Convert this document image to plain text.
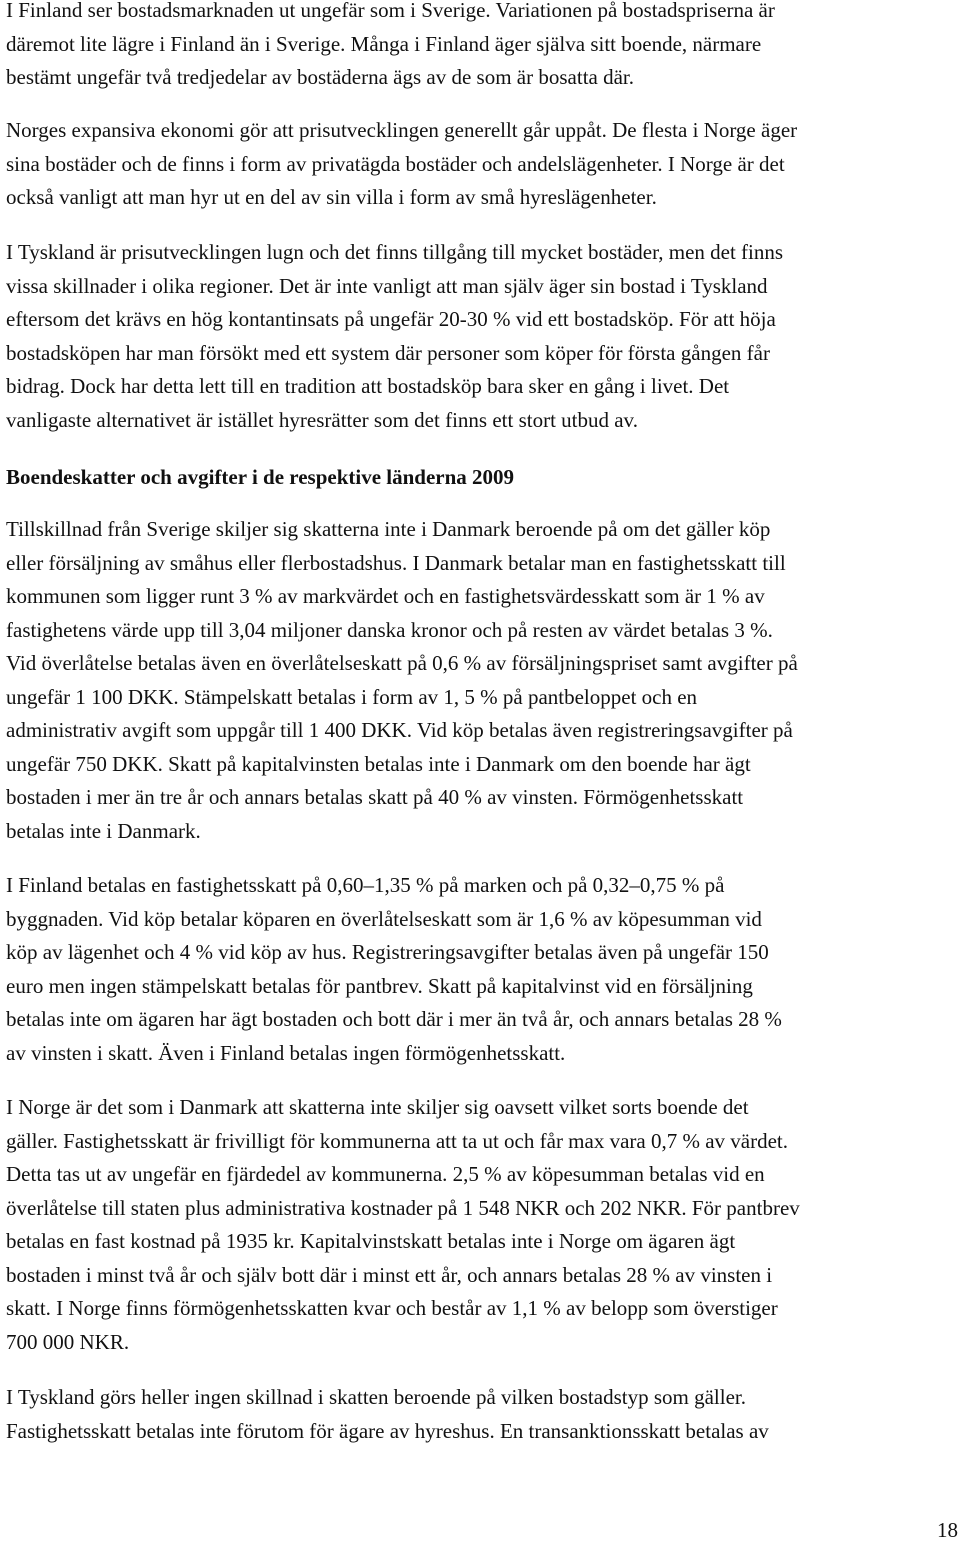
I Finland ser bostadsmarknaden ut ungefär som i Sverige. Variationen på bostadspriserna är
däremot lite lägre i Finland än i Sverige. Många i Finland äger själva sitt boende, närmare
bestämt ungefär två tredjedelar av bostäderna ägs av de som är bosatta där.

Norges expansiva ekonomi gör att prisutvecklingen generellt går uppåt. De flesta i Norge äger
sina bostäder och de finns i form av privatägda bostäder och andelslägenheter. I Norge är det
också vanligt att man hyr ut en del av sin villa i form av små hyreslägenheter.

I Tyskland är prisutvecklingen lugn och det finns tillgång till mycket bostäder, men det finns
vissa skillnader i olika regioner. Det är inte vanligt att man själv äger sin bostad i Tyskland
eftersom det krävs en hög kontantinsats på ungefär 20-30 % vid ett bostadsköp. För att höja
bostadsköpen har man försökt med ett system där personer som köper för första gången får
bidrag. Dock har detta lett till en tradition att bostadsköp bara sker en gång i livet. Det
vanligaste alternativet är istället hyresrätter som det finns ett stort utbud av.

Boendeskatter och avgifter i de respektive länderna 2009

Tillskillnad från Sverige skiljer sig skatterna inte i Danmark beroende på om det gäller köp
eller försäljning av småhus eller flerbostadshus. I Danmark betalar man en fastighetsskatt till
kommunen som ligger runt 3 % av markvärdet och en fastighetsvärdesskatt som är 1 % av
fastighetens värde upp till 3,04 miljoner danska kronor och på resten av värdet betalas 3 %.
Vid överlåtelse betalas även en överlåtelseskatt på 0,6 % av försäljningspriset samt avgifter på
ungefär 1 100 DKK. Stämpelskatt betalas i form av 1, 5 % på pantbeloppet och en
administrativ avgift som uppgår till 1 400 DKK. Vid köp betalas även registreringsavgifter på
ungefär 750 DKK. Skatt på kapitalvinsten betalas inte i Danmark om den boende har ägt
bostaden i mer än tre år och annars betalas skatt på 40 % av vinsten. Förmögenhetsskatt
betalas inte i Danmark.

I Finland betalas en fastighetsskatt på 0,60–1,35 % på marken och på 0,32–0,75 % på
byggnaden. Vid köp betalar köparen en överlåtelseskatt som är 1,6 % av köpesumman vid
köp av lägenhet och 4 % vid köp av hus. Registreringsavgifter betalas även på ungefär 150
euro men ingen stämpelskatt betalas för pantbrev. Skatt på kapitalvinst vid en försäljning
betalas inte om ägaren har ägt bostaden och bott där i mer än två år, och annars betalas 28 %
av vinsten i skatt. Även i Finland betalas ingen förmögenhetsskatt.

I Norge är det som i Danmark att skatterna inte skiljer sig oavsett vilket sorts boende det
gäller. Fastighetsskatt är frivilligt för kommunerna att ta ut och får max vara 0,7 % av värdet.
Detta tas ut av ungefär en fjärdedel av kommunerna. 2,5 % av köpesumman betalas vid en
överlåtelse till staten plus administrativa kostnader på 1 548 NKR och 202 NKR. För pantbrev
betalas en fast kostnad på 1935 kr. Kapitalvinstskatt betalas inte i Norge om ägaren ägt
bostaden i minst två år och själv bott där i minst ett år, och annars betalas 28 % av vinsten i
skatt. I Norge finns förmögenhetsskatten kvar och består av 1,1 % av belopp som överstiger
700 000 NKR.

I Tyskland görs heller ingen skillnad i skatten beroende på vilken bostadstyp som gäller.
Fastighetsskatt betalas inte förutom för ägare av hyreshus. En transanktionsskatt betalas av

18
